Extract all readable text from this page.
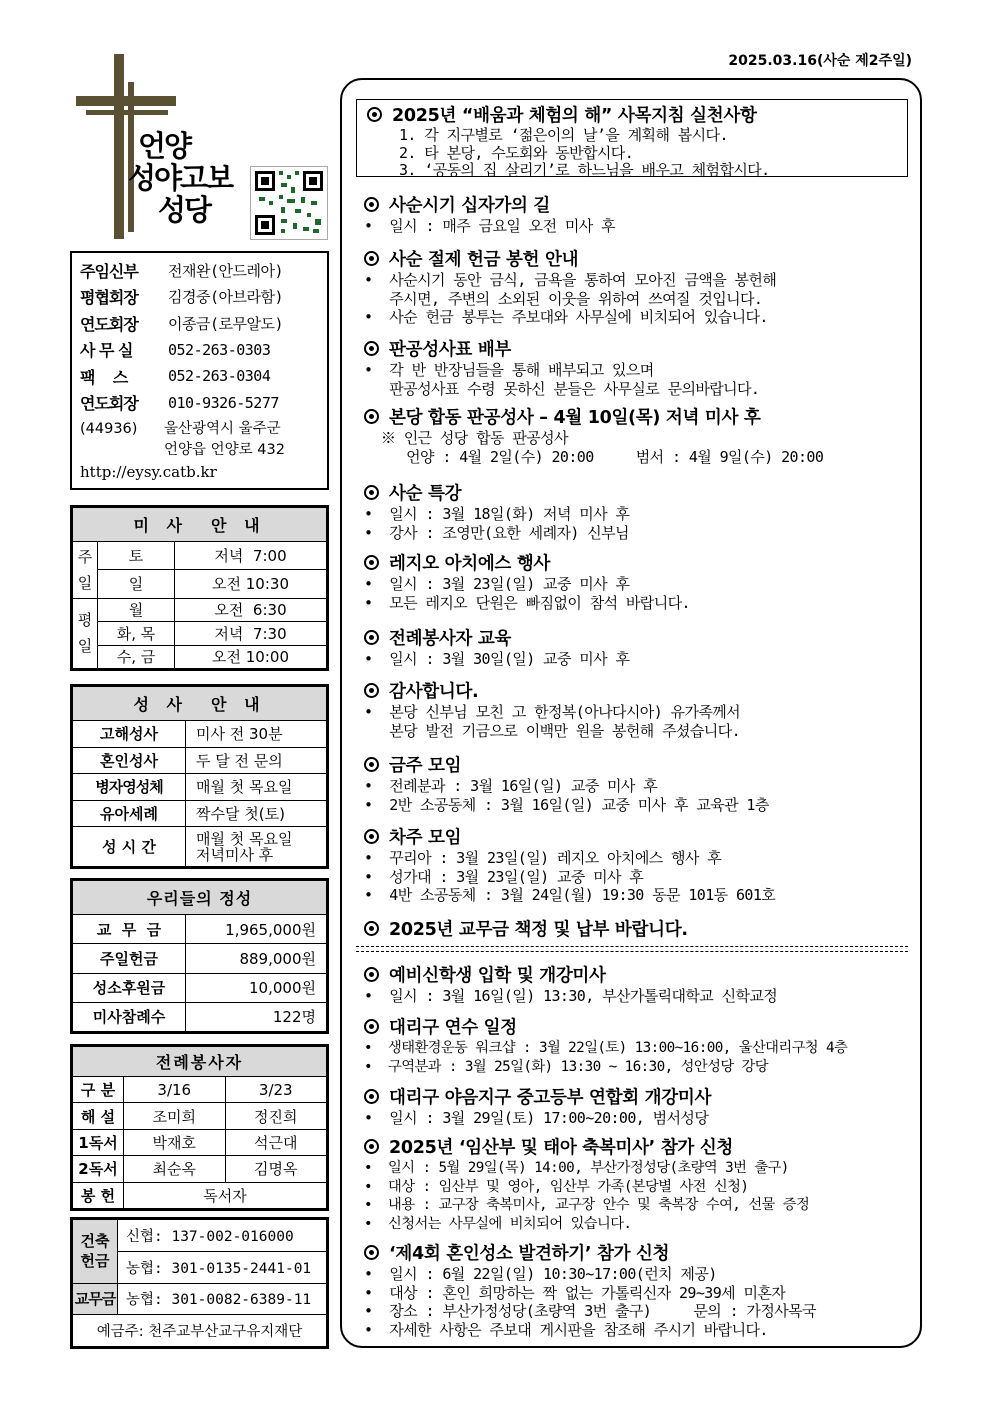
2025.03.16(사순 제2주일)
언양
성야고보
성당
주임신부	전재완(안드레아)
평협회장	김경중(아브라함)
연도회장	이종금(로무알도)
사 무 실	052-263-0303
팩    스	052-263-0304
연도회장	010-9326-5277
(44936)	울산광역시 울주군
언양읍 언양로 432
http://eysy.catb.kr
미 사  안 내		
주일	토	저녁  7:00
	일	오전 10:30
평일	월	오전  6:30
	화, 목	저녁  7:30
	수, 금	오전 10:00
성 사  안 내	
고해성사	미사 전 30분
혼인성사	두 달 전 문의
병자영성체	매월 첫 목요일
유아세례	짝수달 첫(토)
성 시 간	매월 첫 목요일
저녁미사 후
우리들의 정성	
교  무  금	1,965,000원
주일헌금	889,000원
성소후원금	10,000원
미사참례수	122명
전례봉사자		
구 분	3/16	3/23
해 설	조미희	정진희
1독서	박재호	석근대
2독서	최순옥	김명옥
봉 헌	독서자	
건축헌금	신협: 137-002-016000
	농협: 301-0135-2441-01
교무금	농협: 301-0082-6389-11
예금주: 천주교부산교구유지재단	
2025년 “배움과 체험의 해” 사목지침 실천사항
1. 각 지구별로 ‘젊은이의 날’을 계획해 봅시다.
2. 타 본당, 수도회와 동반합시다.
3. ‘공동의 집 살리기’로 하느님을 배우고 체험합시다.
사순시기 십자가의 길
•  일시 : 매주 금요일 오전 미사 후
사순 절제 헌금 봉헌 안내
•  사순시기 동안 금식, 금욕을 통하여 모아진 금액을 봉헌해
주시면, 주변의 소외된 이웃을 위하여 쓰여질 것입니다.
•  사순 헌금 봉투는 주보대와 사무실에 비치되어 있습니다.
판공성사표 배부
•  각 반 반장님들을 통해 배부되고 있으며
판공성사표 수령 못하신 분들은 사무실로 문의바랍니다.
본당 합동 판공성사 – 4월 10일(목) 저녁 미사 후
※ 인근 성당 합동 판공성사
언양 : 4월 2일(수) 20:00     범서 : 4월 9일(수) 20:00
사순 특강
•  일시 : 3월 18일(화) 저녁 미사 후
•  강사 : 조영만(요한 세례자) 신부님
레지오 아치에스 행사
•  일시 : 3월 23일(일) 교중 미사 후
•  모든 레지오 단원은 빠짐없이 참석 바랍니다.
전례봉사자 교육
•  일시 : 3월 30일(일) 교중 미사 후
감사합니다.
•  본당 신부님 모친 고 한정복(아나다시아) 유가족께서
본당 발전 기금으로 이백만 원을 봉헌해 주셨습니다.
금주 모임
•  전례분과 : 3월 16일(일) 교중 미사 후
•  2반 소공동체 : 3월 16일(일) 교중 미사 후 교육관 1층
차주 모임
•  꾸리아 : 3월 23일(일) 레지오 아치에스 행사 후
•  성가대 : 3월 23일(일) 교중 미사 후
•  4반 소공동체 : 3월 24일(월) 19:30 동문 101동 601호
2025년 교무금 책정 및 납부 바랍니다.
예비신학생 입학 및 개강미사
•  일시 : 3월 16일(일) 13:30, 부산가톨릭대학교 신학교정
대리구 연수 일정
•  생태환경운동 워크샵 : 3월 22일(토) 13:00~16:00, 울산대리구청 4층
•  구역분과 : 3월 25일(화) 13:30 ~ 16:30, 성안성당 강당
대리구 야음지구 중고등부 연합회 개강미사
•  일시 : 3월 29일(토) 17:00~20:00, 범서성당
2025년 ‘임산부 및 태아 축복미사’ 참가 신청
•  일시 : 5월 29일(목) 14:00, 부산가정성당(초량역 3번 출구)
•  대상 : 임산부 및 영아, 임산부 가족(본당별 사전 신청)
•  내용 : 교구장 축복미사, 교구장 안수 및 축복장 수여, 선물 증정
•  신청서는 사무실에 비치되어 있습니다.
‘제4회 혼인성소 발견하기’ 참가 신청
•  일시 : 6월 22일(일) 10:30~17:00(런치 제공)
•  대상 : 혼인 희망하는 짝 없는 가톨릭신자 29~39세 미혼자
•  장소 : 부산가정성당(초량역 3번 출구)     문의 : 가정사목국
•  자세한 사항은 주보대 게시판을 참조해 주시기 바랍니다.
